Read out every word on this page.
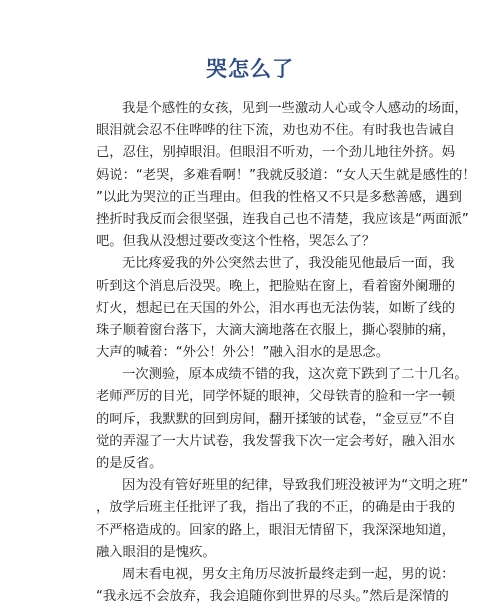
哭怎么了
我是个感性的女孩，见到一些激动人心或令人感动的场面，
眼泪就会忍不住哗哗的往下流，劝也劝不住。有时我也告诫自
己，忍住，别掉眼泪。但眼泪不听劝，一个劲儿地往外挤。妈
妈说：“老哭，多难看啊！”我就反驳道：“女人天生就是感性的！
”以此为哭泣的正当理由。但我的性格又不只是多愁善感，遇到
挫折时我反而会很坚强，连我自己也不清楚，我应该是“两面派”
吧。但我从没想过要改变这个性格，哭怎么了？
无比疼爱我的外公突然去世了，我没能见他最后一面，我
听到这个消息后没哭。晚上，把脸贴在窗上，看着窗外阑珊的
灯火，想起已在天国的外公，泪水再也无法伪装，如断了线的
珠子顺着窗台落下，大滴大滴地落在衣服上，撕心裂肺的痛，
大声的喊着：“外公！外公！”融入泪水的是思念。
一次测验，原本成绩不错的我，这次竟下跌到了二十几名。
老师严厉的目光，同学怀疑的眼神，父母铁青的脸和一字一顿
的呵斥，我默默的回到房间，翻开揉皱的试卷，“金豆豆”不自
觉的弄湿了一大片试卷，我发誓我下次一定会考好，融入泪水
的是反省。
因为没有管好班里的纪律，导致我们班没被评为“文明之班”
，放学后班主任批评了我，指出了我的不正，的确是由于我的
不严格造成的。回家的路上，眼泪无情留下，我深深地知道，
融入眼泪的是愧疚。
周末看电视，男女主角历尽波折最终走到一起，男的说：
“我永远不会放弃，我会追随你到世界的尽头。”然后是深情的
